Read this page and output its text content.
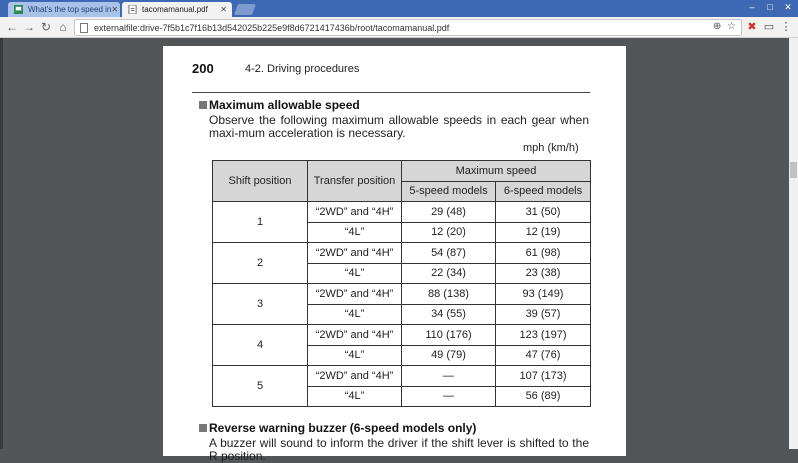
What's the top speed in ✕	tacomamanual.pdf ✕	–	□	✕
← → ↻ ⌂	externalfile:drive-7f5b1c7f16b13d542025b225e9f8d6721417436b/root/tacomamanual.pdf	⊕ ☆ ✖ ▭ ⋮
200	4-2. Driving procedures
Maximum allowable speed
Observe the following maximum allowable speeds in each gear when maxi-mum acceleration is necessary.
mph (km/h)
Shift position	Transfer position	Maximum speed	
		5-speed models	6-speed models
1	“2WD” and “4H”	29 (48)	31 (50)
	“4L”	12 (20)	12 (19)
2	“2WD” and “4H”	54 (87)	61 (98)
	“4L”	22 (34)	23 (38)
3	“2WD” and “4H”	88 (138)	93 (149)
	“4L”	34 (55)	39 (57)
4	“2WD” and “4H”	110 (176)	123 (197)
	“4L”	49 (79)	47 (76)
5	“2WD” and “4H”	—	107 (173)
	“4L”	—	56 (89)
Reverse warning buzzer (6-speed models only)
A buzzer will sound to inform the driver if the shift lever is shifted to the R position.
